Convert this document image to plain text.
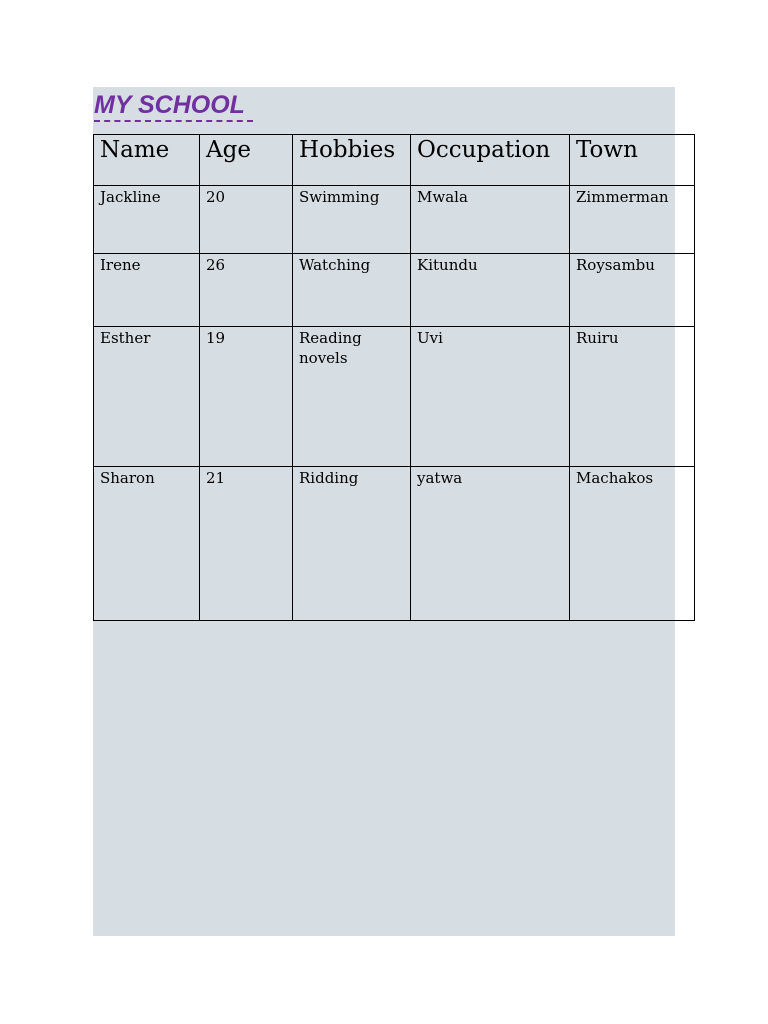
MY SCHOOL
Name	Age	Hobbies	Occupation	Town
Jackline	20	Swimming	Mwala	Zimmerman
Irene	26	Watching	Kitundu	Roysambu
Esther	19	Reading novels	Uvi	Ruiru
Sharon	21	Ridding	yatwa	Machakos
